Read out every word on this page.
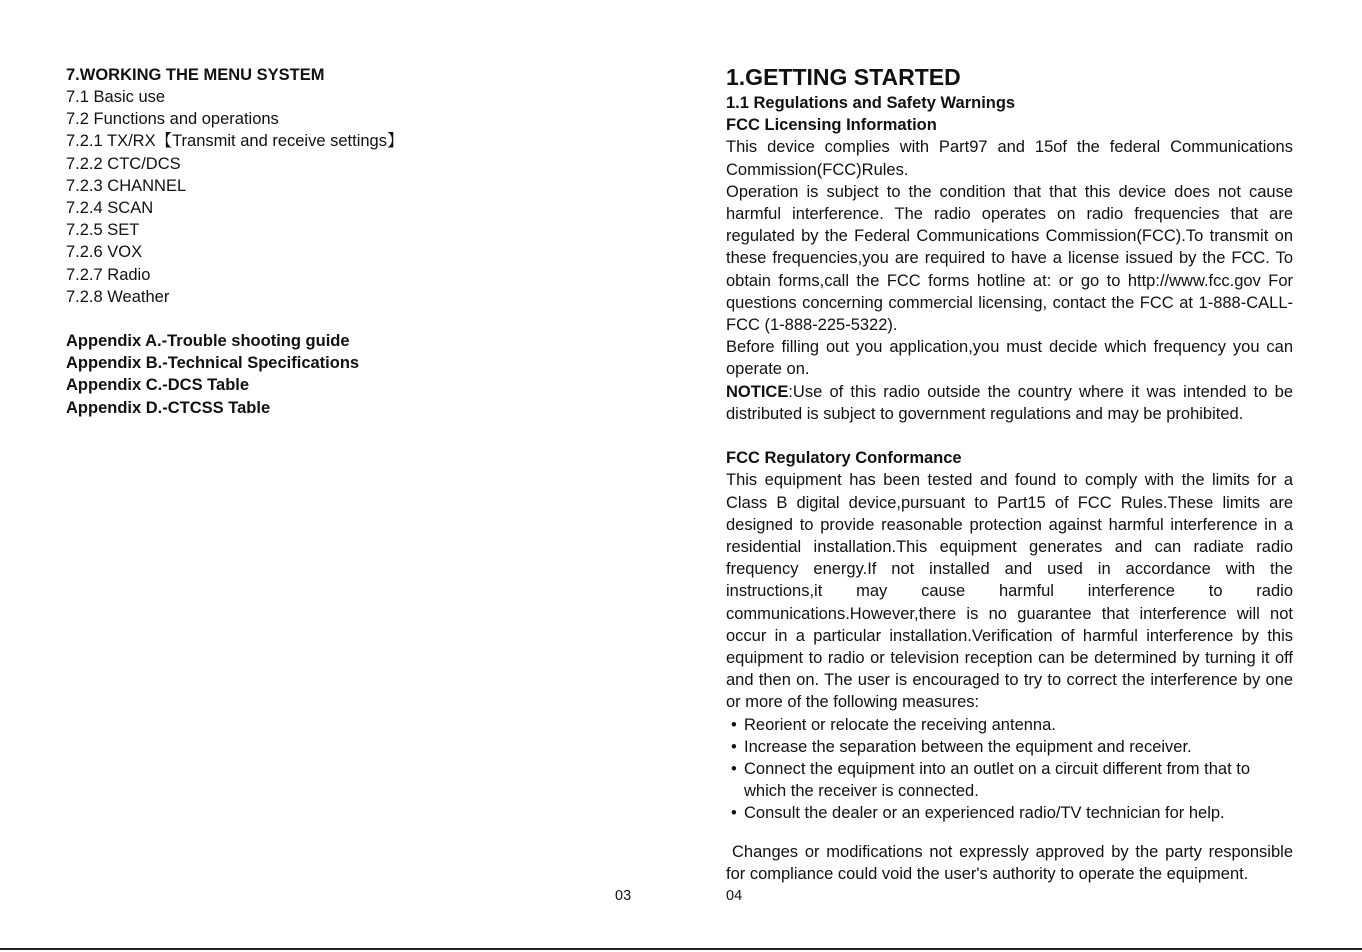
7.WORKING THE MENU SYSTEM
7.1 Basic use
7.2 Functions and operations
7.2.1 TX/RX【Transmit and receive settings】
7.2.2 CTC/DCS
7.2.3 CHANNEL
7.2.4 SCAN
7.2.5 SET
7.2.6 VOX
7.2.7 Radio
7.2.8 Weather
Appendix A.-Trouble shooting guide
Appendix B.-Technical Specifications
Appendix C.-DCS Table
Appendix D.-CTCSS Table
03
1.GETTING STARTED
1.1 Regulations and Safety Warnings
FCC Licensing Information

This device complies with Part97 and 15of the federal Communications Commission(FCC)Rules.

Operation is subject to the condition that that this device does not cause harmful interference. The radio operates on radio frequencies that are regulated by the Federal Communications Commission(FCC).To transmit on these frequencies,you are required to have a license issued by the FCC. To obtain forms,call the FCC forms hotline at: or go to http://www.fcc.gov For questions concerning commercial licensing, contact the FCC at 1-888-CALL-FCC (1-888-225-5322).

Before filling out you application,you must decide which frequency you can operate on.

NOTICE:Use of this radio outside the country where it was intended to be distributed is subject to government regulations and may be prohibited.

FCC Regulatory Conformance

This equipment has been tested and found to comply with the limits for a Class B digital device,pursuant to Part15 of FCC Rules.These limits are designed to provide reasonable protection against harmful interference in a residential installation.This equipment generates and can radiate radio frequency energy.If not installed and used in accordance with the instructions,it may cause harmful interference to radio communications.However,there is no guarantee that interference will not occur in a particular installation.Verification of harmful interference by this equipment to radio or television reception can be determined by turning it off and then on. The user is encouraged to try to correct the interference by one or more of the following measures:

• Reorient or relocate the receiving antenna.
• Increase the separation between the equipment and receiver.
• Connect the equipment into an outlet on a circuit different from that to which the receiver is connected.
• Consult the dealer or an experienced radio/TV technician for help.

Changes or modifications not expressly approved by the party responsible for compliance could void the user's authority to operate the equipment.

04
